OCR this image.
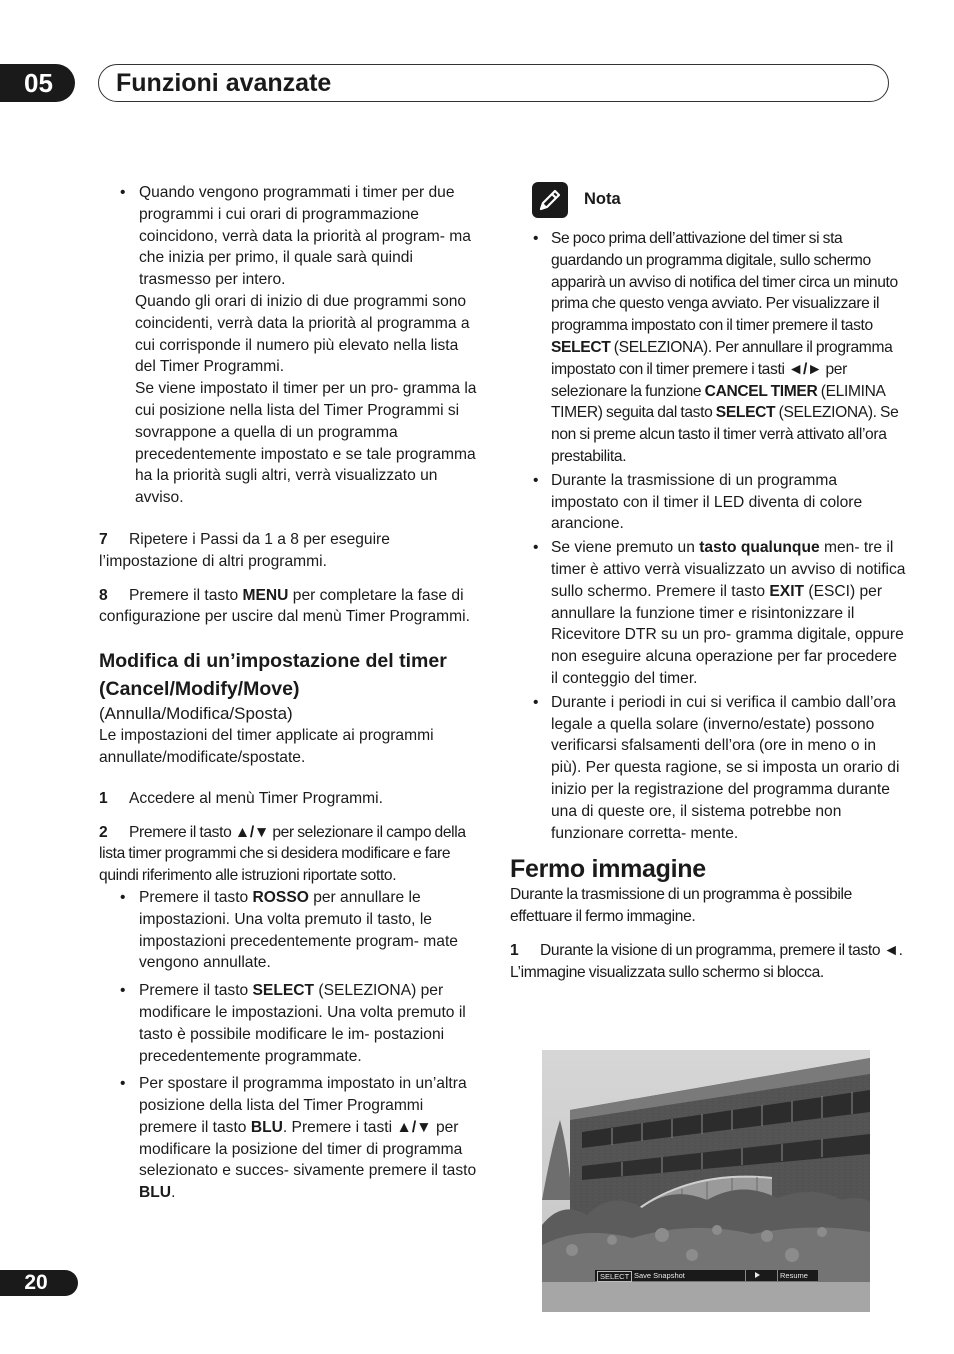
05	Funzioni avanzate

• Quando vengono programmati i timer per due programmi i cui orari di programmazione coincidono, verrà data la priorità al program- ma che inizia per primo, il quale sarà quindi trasmesso per intero.

Quando gli orari di inizio di due programmi sono coincidenti, verrà data la priorità al programma a cui corrisponde il numero più elevato nella lista del Timer Programmi.

Se viene impostato il timer per un pro- gramma la cui posizione nella lista del Timer Programmi si sovrappone a quella di un programma precedentemente impostato e se tale programma ha la priorità sugli altri, verrà visualizzato un avviso.

7 Ripetere i Passi da 1 a 8 per eseguire l’impostazione di altri programmi.

8 Premere il tasto MENU per completare la fase di configurazione per uscire dal menù Timer Programmi.

Modifica di un’impostazione del timer (Cancel/Modify/Move)

(Annulla/Modifica/Sposta)

Le impostazioni del timer applicate ai programmi annullate/modificate/spostate.

1 Accedere al menù Timer Programmi.

2 Premere il tasto ▲/▼ per selezionare il campo della lista timer programmi che si desidera modificare e fare quindi riferimento alle istruzioni riportate sotto.

• Premere il tasto ROSSO per annullare le impostazioni. Una volta premuto il tasto, le impostazioni precedentemente program- mate vengono annullate.

• Premere il tasto SELECT (SELEZIONA) per modificare le impostazioni. Una volta premuto il tasto è possibile modificare le im- postazioni precedentemente programmate.

• Per spostare il programma impostato in un’altra posizione della lista del Timer Programmi premere il tasto BLU. Premere i tasti ▲/▼ per modificare la posizione del timer di programma selezionato e succes- sivamente premere il tasto BLU.

Nota

• Se poco prima dell’attivazione del timer si sta guardando un programma digitale, sullo schermo apparirà un avviso di notifica del timer circa un minuto prima che questo venga avviato. Per visualizzare il programma impostato con il timer premere il tasto SELECT (SELEZIONA). Per annullare il programma impostato con il timer premere i tasti ◄/► per selezionare la funzione CANCEL TIMER (ELIMINA TIMER) seguita dal tasto SELECT (SELEZIONA). Se non si preme alcun tasto il timer verrà attivato all’ora prestabilita.

• Durante la trasmissione di un programma impostato con il timer il LED diventa di colore arancione.

• Se viene premuto un tasto qualunque men- tre il timer è attivo verrà visualizzato un avviso di notifica sullo schermo. Premere il tasto EXIT (ESCI) per annullare la funzione timer e risintonizzare il Ricevitore DTR su un pro- gramma digitale, oppure non eseguire alcuna operazione per far procedere il conteggio del timer.

• Durante i periodi in cui si verifica il cambio dall’ora legale a quella solare (inverno/estate) possono verificarsi sfalsamenti dell’ora (ore in meno o in più). Per questa ragione, se si imposta un orario di inizio per la registrazione del programma durante una di queste ore, il sistema potrebbe non funzionare corretta- mente.

Fermo immagine

Durante la trasmissione di un programma è possibile effettuare il fermo immagine.

1 Durante la visione di un programma, premere il tasto ◄. L’immagine visualizzata sullo schermo si blocca.

SELECT Save Snapshot	Resume
20
